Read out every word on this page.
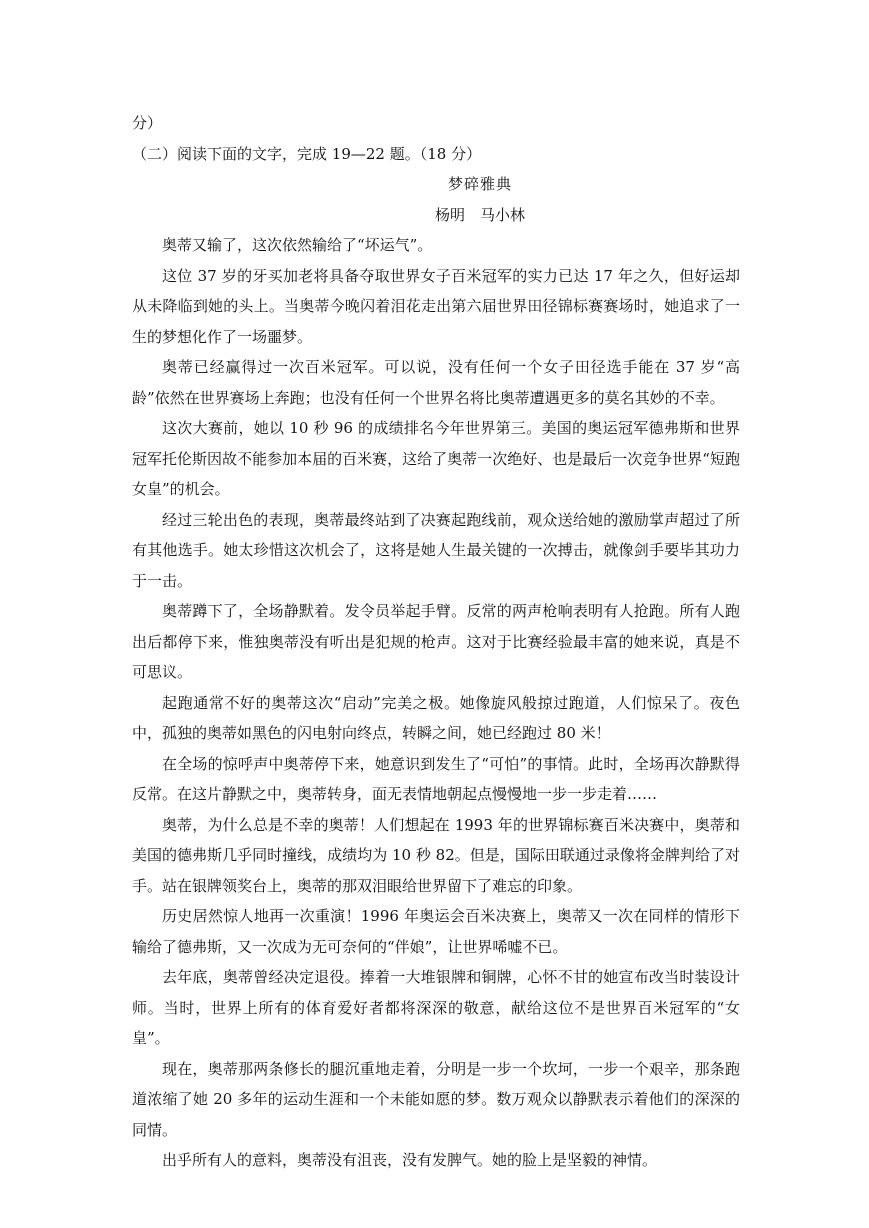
分）

（二）阅读下面的文字，完成 19—22 题。（18 分）

梦碎雅典

杨明　马小林

奥蒂又输了，这次依然输给了“坏运气”。

这位 37 岁的牙买加老将具备夺取世界女子百米冠军的实力已达 17 年之久，但好运却从未降临到她的头上。当奥蒂今晚闪着泪花走出第六届世界田径锦标赛赛场时，她追求了一生的梦想化作了一场噩梦。

奥蒂已经赢得过一次百米冠军。可以说，没有任何一个女子田径选手能在 37 岁“高龄”依然在世界赛场上奔跑；也没有任何一个世界名将比奥蒂遭遇更多的莫名其妙的不幸。

这次大赛前，她以 10 秒 96 的成绩排名今年世界第三。美国的奥运冠军德弗斯和世界冠军托伦斯因故不能参加本届的百米赛，这给了奥蒂一次绝好、也是最后一次竞争世界“短跑女皇”的机会。

经过三轮出色的表现，奥蒂最终站到了决赛起跑线前，观众送给她的激励掌声超过了所有其他选手。她太珍惜这次机会了，这将是她人生最关键的一次搏击，就像剑手要毕其功力于一击。

奥蒂蹲下了，全场静默着。发令员举起手臂。反常的两声枪响表明有人抢跑。所有人跑出后都停下来，惟独奥蒂没有听出是犯规的枪声。这对于比赛经验最丰富的她来说，真是不可思议。

起跑通常不好的奥蒂这次“启动”完美之极。她像旋风般掠过跑道，人们惊呆了。夜色中，孤独的奥蒂如黑色的闪电射向终点，转瞬之间，她已经跑过 80 米！

在全场的惊呼声中奥蒂停下来，她意识到发生了“可怕”的事情。此时，全场再次静默得反常。在这片静默之中，奥蒂转身，面无表情地朝起点慢慢地一步一步走着……

奥蒂，为什么总是不幸的奥蒂！人们想起在 1993 年的世界锦标赛百米决赛中，奥蒂和美国的德弗斯几乎同时撞线，成绩均为 10 秒 82。但是，国际田联通过录像将金牌判给了对手。站在银牌领奖台上，奥蒂的那双泪眼给世界留下了难忘的印象。

历史居然惊人地再一次重演！1996 年奥运会百米决赛上，奥蒂又一次在同样的情形下输给了德弗斯，又一次成为无可奈何的“伴娘”，让世界唏嘘不已。

去年底，奥蒂曾经决定退役。捧着一大堆银牌和铜牌，心怀不甘的她宣布改当时装设计师。当时，世界上所有的体育爱好者都将深深的敬意，献给这位不是世界百米冠军的“女皇”。

现在，奥蒂那两条修长的腿沉重地走着，分明是一步一个坎坷，一步一个艰辛，那条跑道浓缩了她 20 多年的运动生涯和一个未能如愿的梦。数万观众以静默表示着他们的深深的同情。

出乎所有人的意料，奥蒂没有沮丧，没有发脾气。她的脸上是坚毅的神情。
